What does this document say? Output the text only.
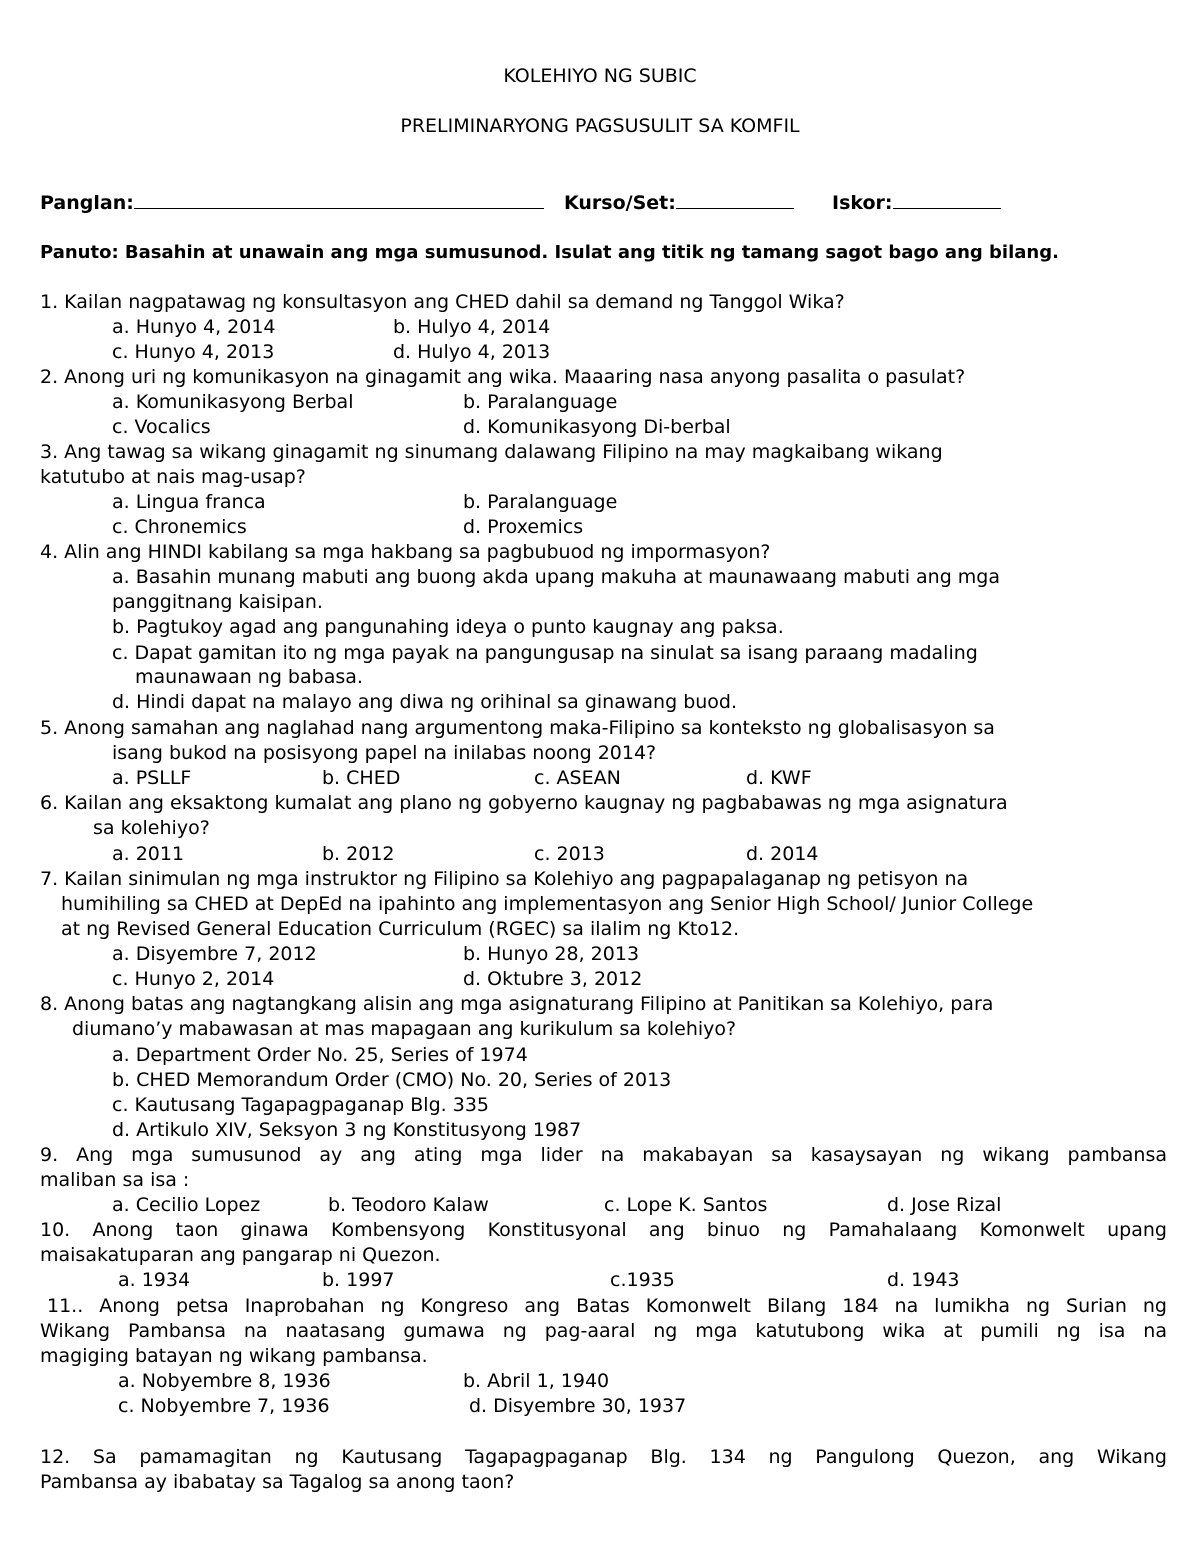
KOLEHIYO NG SUBIC
PRELIMINARYONG PAGSUSULIT SA KOMFIL
Panglan:	Kurso/Set:	Iskor:
Panuto: Basahin at unawain ang mga sumusunod. Isulat ang titik ng tamang sagot bago ang bilang.
1. Kailan nagpatawag ng konsultasyon ang CHED dahil sa demand ng Tanggol Wika?
a. Hunyo 4, 2014	b. Hulyo 4, 2014
c. Hunyo 4, 2013	d. Hulyo 4, 2013
2. Anong uri ng komunikasyon na ginagamit ang wika. Maaaring nasa anyong pasalita o pasulat?
a. Komunikasyong Berbal	b. Paralanguage
c. Vocalics	d. Komunikasyong Di-berbal
3. Ang tawag sa wikang ginagamit ng sinumang dalawang Filipino na may magkaibang wikang
katutubo at nais mag-usap?
a. Lingua franca	b. Paralanguage
c. Chronemics	d. Proxemics
4. Alin ang HINDI kabilang sa mga hakbang sa pagbubuod ng impormasyon?
a. Basahin munang mabuti ang buong akda upang makuha at maunawaang mabuti ang mga
panggitnang kaisipan.
b. Pagtukoy agad ang pangunahing ideya o punto kaugnay ang paksa.
c. Dapat gamitan ito ng mga payak na pangungusap na sinulat sa isang paraang madaling
maunawaan ng babasa.
d. Hindi dapat na malayo ang diwa ng orihinal sa ginawang buod.
5. Anong samahan ang naglahad nang argumentong maka-Filipino sa konteksto ng globalisasyon sa
isang bukod na posisyong papel na inilabas noong 2014?
a. PSLLF	b. CHED	c. ASEAN	d. KWF
6. Kailan ang eksaktong kumalat ang plano ng gobyerno kaugnay ng pagbabawas ng mga asignatura
sa kolehiyo?
a. 2011	b. 2012	c. 2013	d. 2014
7. Kailan sinimulan ng mga instruktor ng Filipino sa Kolehiyo ang pagpapalaganap ng petisyon na
humihiling sa CHED at DepEd na ipahinto ang implementasyon ang Senior High School/ Junior College
at ng Revised General Education Curriculum (RGEC) sa ilalim ng Kto12.
a. Disyembre 7, 2012	b. Hunyo 28, 2013
c. Hunyo 2, 2014	d. Oktubre 3, 2012
8. Anong batas ang nagtangkang alisin ang mga asignaturang Filipino at Panitikan sa Kolehiyo, para
diumano’y mabawasan at mas mapagaan ang kurikulum sa kolehiyo?
a. Department Order No. 25, Series of 1974
b. CHED Memorandum Order (CMO) No. 20, Series of 2013
c. Kautusang Tagapagpaganap Blg. 335
d. Artikulo XIV, Seksyon 3 ng Konstitusyong 1987
9. Ang mga sumusunod ay ang ating mga lider na makabayan sa kasaysayan ng wikang pambansa
maliban sa isa :
a. Cecilio Lopez	b. Teodoro Kalaw	c. Lope K. Santos	d. Jose Rizal
10. Anong taon ginawa Kombensyong Konstitusyonal ang binuo ng Pamahalaang Komonwelt upang
maisakatuparan ang pangarap ni Quezon.
a. 1934	b. 1997	c.1935	d. 1943
11.. Anong petsa Inaprobahan ng Kongreso ang Batas Komonwelt Bilang 184 na lumikha ng Surian ng
Wikang Pambansa na naatasang gumawa ng pag-aaral ng mga katutubong wika at pumili ng isa na
magiging batayan ng wikang pambansa.
a. Nobyembre 8, 1936	b. Abril 1, 1940
c. Nobyembre 7, 1936	d. Disyembre 30, 1937
12. Sa pamamagitan ng Kautusang Tagapagpaganap Blg. 134 ng Pangulong Quezon, ang Wikang
Pambansa ay ibabatay sa Tagalog sa anong taon?
